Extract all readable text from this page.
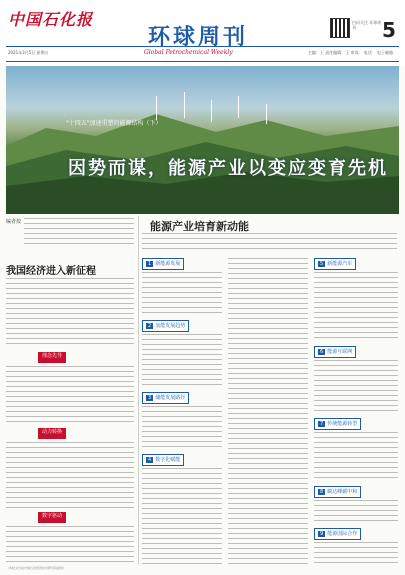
中国石化报
环球周刊
扫码关注 环球周刊	5
2021年3月5日 星期五	Global Petrochemical Weekly	主编：王 责任编辑：王 审读： 电话： 电子邮箱：
"十四五"加速重塑的能源结构（下）
因势而谋，能源产业以变应变育先机
编者按
我国经济进入新征程
理念先导
动力转换
数字驱动
能源产业培育新动能
1 新能源发展
2 氢能发展趋势
3 储能发展路径
4 数字化赋能
5 新能源汽车
6 能源互联网
7 传统能源转型
8 碳达峰碳中和
9 能源国际合作
（本版文章由中国石化经济技术研究院提供）
